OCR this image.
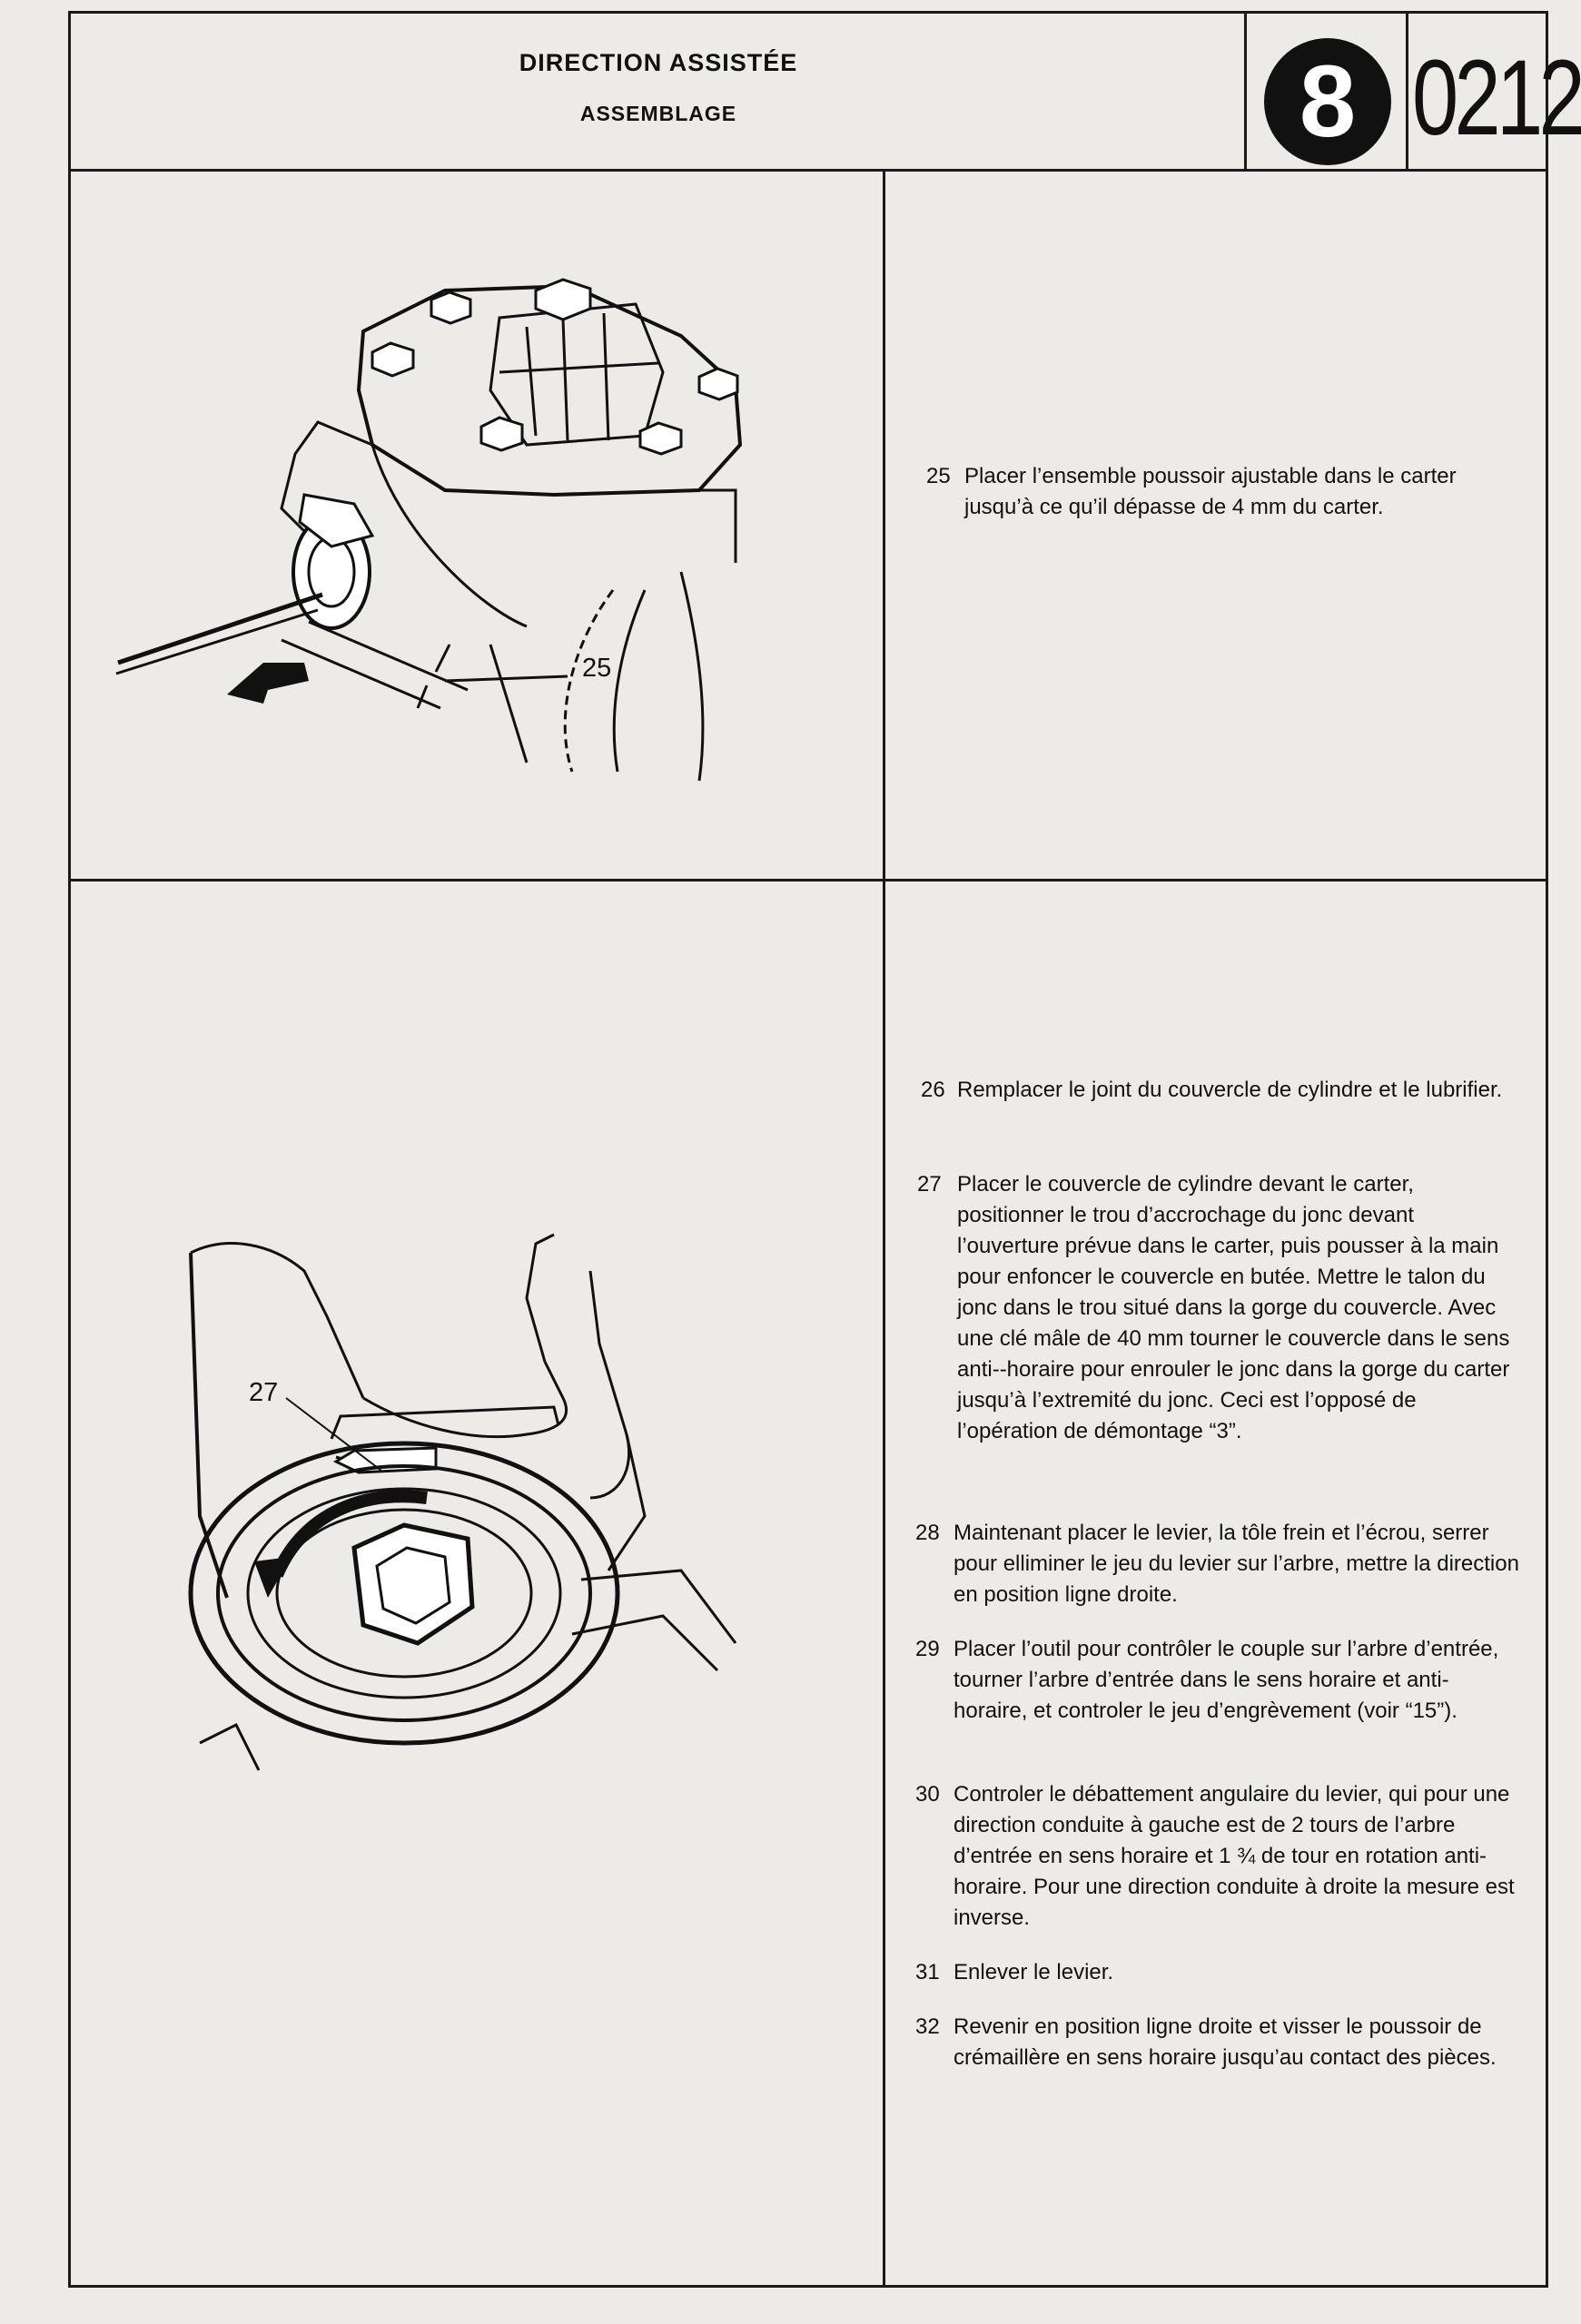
DIRECTION ASSISTÉE
ASSEMBLAGE	8 0212
25
27

25 Placer l’ensemble poussoir ajustable dans le carter jusqu’à ce qu’il dépasse de 4 mm du carter.
26 Remplacer le joint du couvercle de cylindre et le lubrifier.
27 Placer le couvercle de cylindre devant le carter, positionner le trou d’accrochage du jonc devant l’ouverture prévue dans le carter, puis pousser à la main pour enfoncer le couvercle en butée. Mettre le talon du jonc dans le trou situé dans la gorge du couvercle. Avec une clé mâle de 40 mm tourner le couvercle dans le sens anti--horaire pour enrouler le jonc dans la gorge du carter jusqu’à l’extremité du jonc. Ceci est l’opposé de l’opération de démontage “3”.
28 Maintenant placer le levier, la tôle frein et l’écrou, serrer pour elliminer le jeu du levier sur l’arbre, mettre la direction en position ligne droite.
29 Placer l’outil pour contrôler le couple sur l’arbre d’entrée, tourner l’arbre d’entrée dans le sens horaire et anti-horaire, et controler le jeu d’engrèvement (voir “15”).
30 Controler le débattement angulaire du levier, qui pour une direction conduite à gauche est de 2 tours de l’arbre d’entrée en sens horaire et 1 ¾ de tour en rotation anti-horaire. Pour une direction conduite à droite la mesure est inverse.
31 Enlever le levier.
32 Revenir en position ligne droite et visser le poussoir de crémaillère en sens horaire jusqu’au contact des pièces.
